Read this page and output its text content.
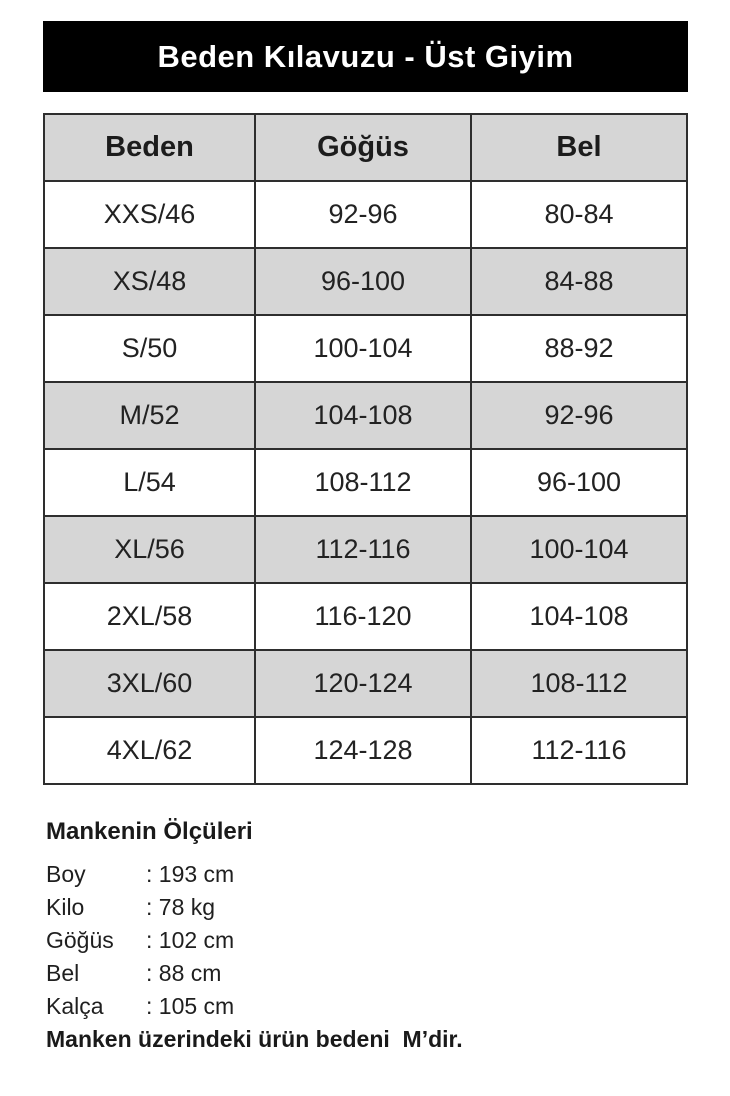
Beden Kılavuzu - Üst Giyim
Beden	Göğüs	Bel
XXS/46	92-96	80-84
XS/48	96-100	84-88
S/50	100-104	88-92
M/52	104-108	92-96
L/54	108-112	96-100
XL/56	112-116	100-104
2XL/58	116-120	104-108
3XL/60	120-124	108-112
4XL/62	124-128	112-116
Mankenin Ölçüleri
Boy	: 193 cm
Kilo	: 78 kg
Göğüs	: 102 cm
Bel	: 88 cm
Kalça	: 105 cm
Manken üzerindeki ürün bedeni  M’dir.
